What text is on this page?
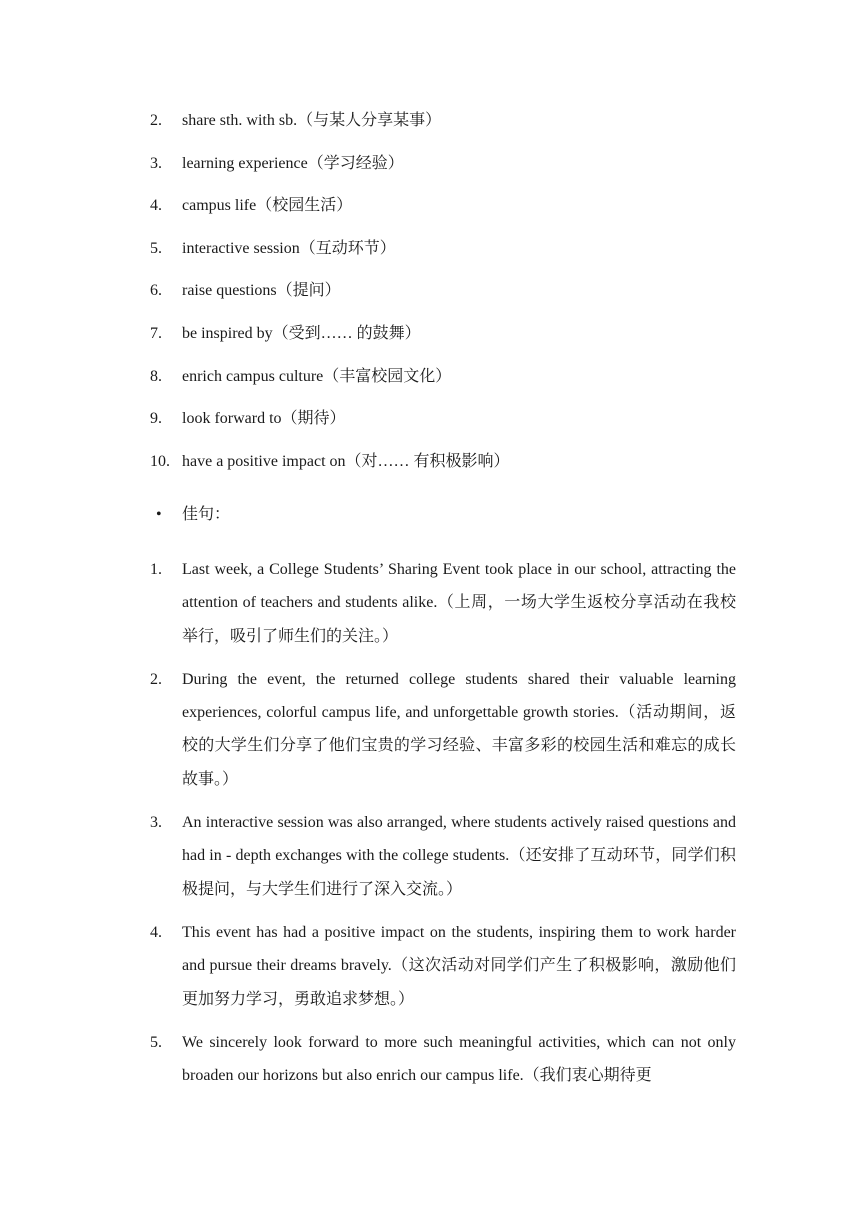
2. share sth. with sb.（与某人分享某事）
3. learning experience（学习经验）
4. campus life（校园生活）
5. interactive session（互动环节）
6. raise questions（提问）
7. be inspired by（受到…… 的鼓舞）
8. enrich campus culture（丰富校园文化）
9. look forward to（期待）
10. have a positive impact on（对…… 有积极影响）
• 佳句：
1.	Last week, a College Students’ Sharing Event took place in our school, attracting the attention of teachers and students alike.（上周，一场大学生返校分享活动在我校举行，吸引了师生们的关注。）
2.	During the event, the returned college students shared their valuable learning experiences, colorful campus life, and unforgettable growth stories.（活动期间，返校的大学生们分享了他们宝贵的学习经验、丰富多彩的校园生活和难忘的成长故事。）
3.	An interactive session was also arranged, where students actively raised questions and had in - depth exchanges with the college students.（还安排了互动环节，同学们积极提问，与大学生们进行了深入交流。）
4.	This event has had a positive impact on the students, inspiring them to work harder and pursue their dreams bravely.（这次活动对同学们产生了积极影响，激励他们更加努力学习，勇敢追求梦想。）
5.	We sincerely look forward to more such meaningful activities, which can not only broaden our horizons but also enrich our campus life.（我们衷心期待更
